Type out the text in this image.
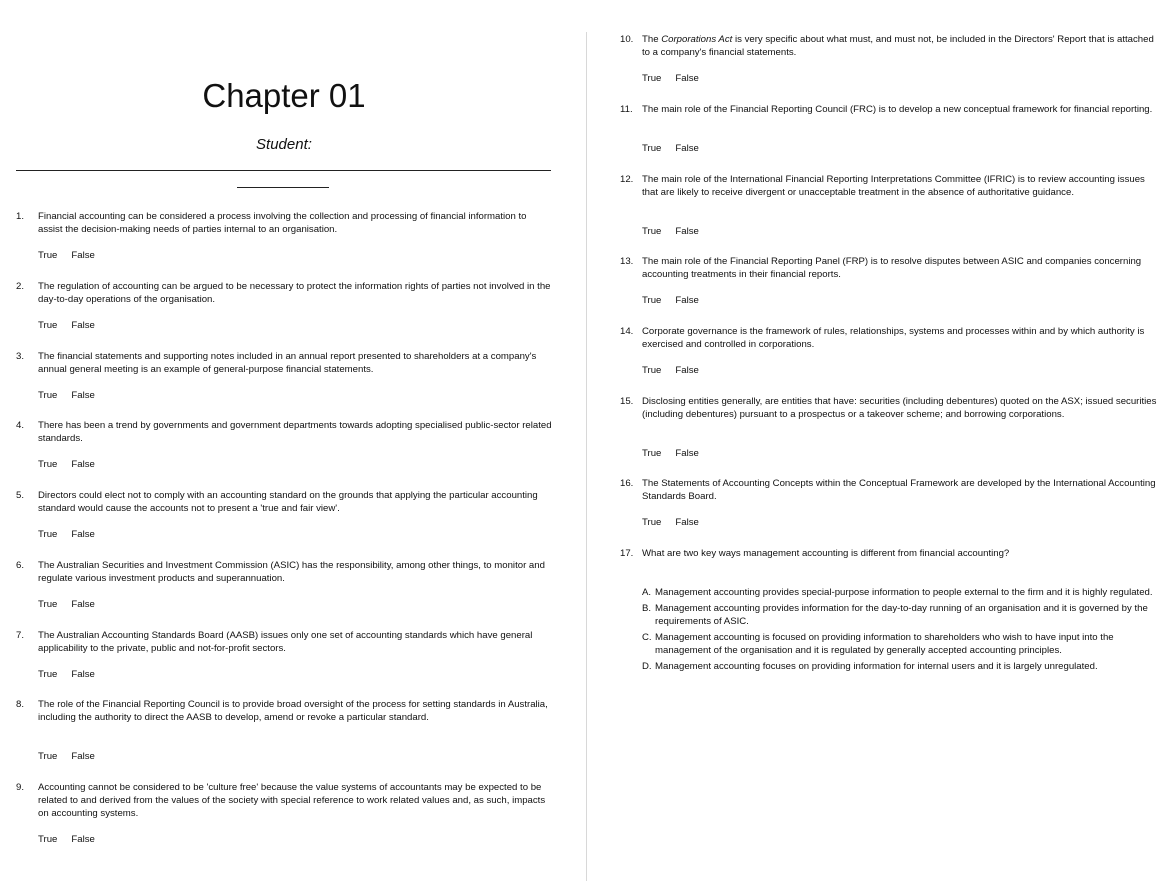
Chapter 01
Student:
1.	Financial accounting can be considered a process involving the collection and processing of financial information to assist the decision-making needs of parties internal to an organisation.
True False
2.	The regulation of accounting can be argued to be necessary to protect the information rights of parties not involved in the day-to-day operations of the organisation.
True False
3.	The financial statements and supporting notes included in an annual report presented to shareholders at a company's annual general meeting is an example of general-purpose financial statements.
True False
4.	There has been a trend by governments and government departments towards adopting specialised public-sector related standards.
True False
5.	Directors could elect not to comply with an accounting standard on the grounds that applying the particular accounting standard would cause the accounts not to present a 'true and fair view'.
True False
6.	The Australian Securities and Investment Commission (ASIC) has the responsibility, among other things, to monitor and regulate various investment products and superannuation.
True False
7.	The Australian Accounting Standards Board (AASB) issues only one set of accounting standards which have general applicability to the private, public and not-for-profit sectors.
True False
8.	The role of the Financial Reporting Council is to provide broad oversight of the process for setting standards in Australia, including the authority to direct the AASB to develop, amend or revoke a particular standard.
True False
9.	Accounting cannot be considered to be 'culture free' because the value systems of accountants may be expected to be related to and derived from the values of the society with special reference to work related values and, as such, impacts on accounting systems.
True False
10. The Corporations Act is very specific about what must, and must not, be included in the Directors' Report that is attached to a company's financial statements.
True False
11. The main role of the Financial Reporting Council (FRC) is to develop a new conceptual framework for financial reporting.
True False
12. The main role of the International Financial Reporting Interpretations Committee (IFRIC) is to review accounting issues that are likely to receive divergent or unacceptable treatment in the absence of authoritative guidance.
True False
13. The main role of the Financial Reporting Panel (FRP) is to resolve disputes between ASIC and companies concerning accounting treatments in their financial reports.
True False
14. Corporate governance is the framework of rules, relationships, systems and processes within and by which authority is exercised and controlled in corporations.
True False
15. Disclosing entities generally, are entities that have: securities (including debentures) quoted on the ASX; issued securities (including debentures) pursuant to a prospectus or a takeover scheme; and borrowing corporations.
True False
16. The Statements of Accounting Concepts within the Conceptual Framework are developed by the International Accounting Standards Board.
True False
17. What are two key ways management accounting is different from financial accounting?
A. Management accounting provides special-purpose information to people external to the firm and it is highly regulated.
B. Management accounting provides information for the day-to-day running of an organisation and it is governed by the requirements of ASIC.
C. Management accounting is focused on providing information to shareholders who wish to have input into the management of the organisation and it is regulated by generally accepted accounting principles.
D. Management accounting focuses on providing information for internal users and it is largely unregulated.
